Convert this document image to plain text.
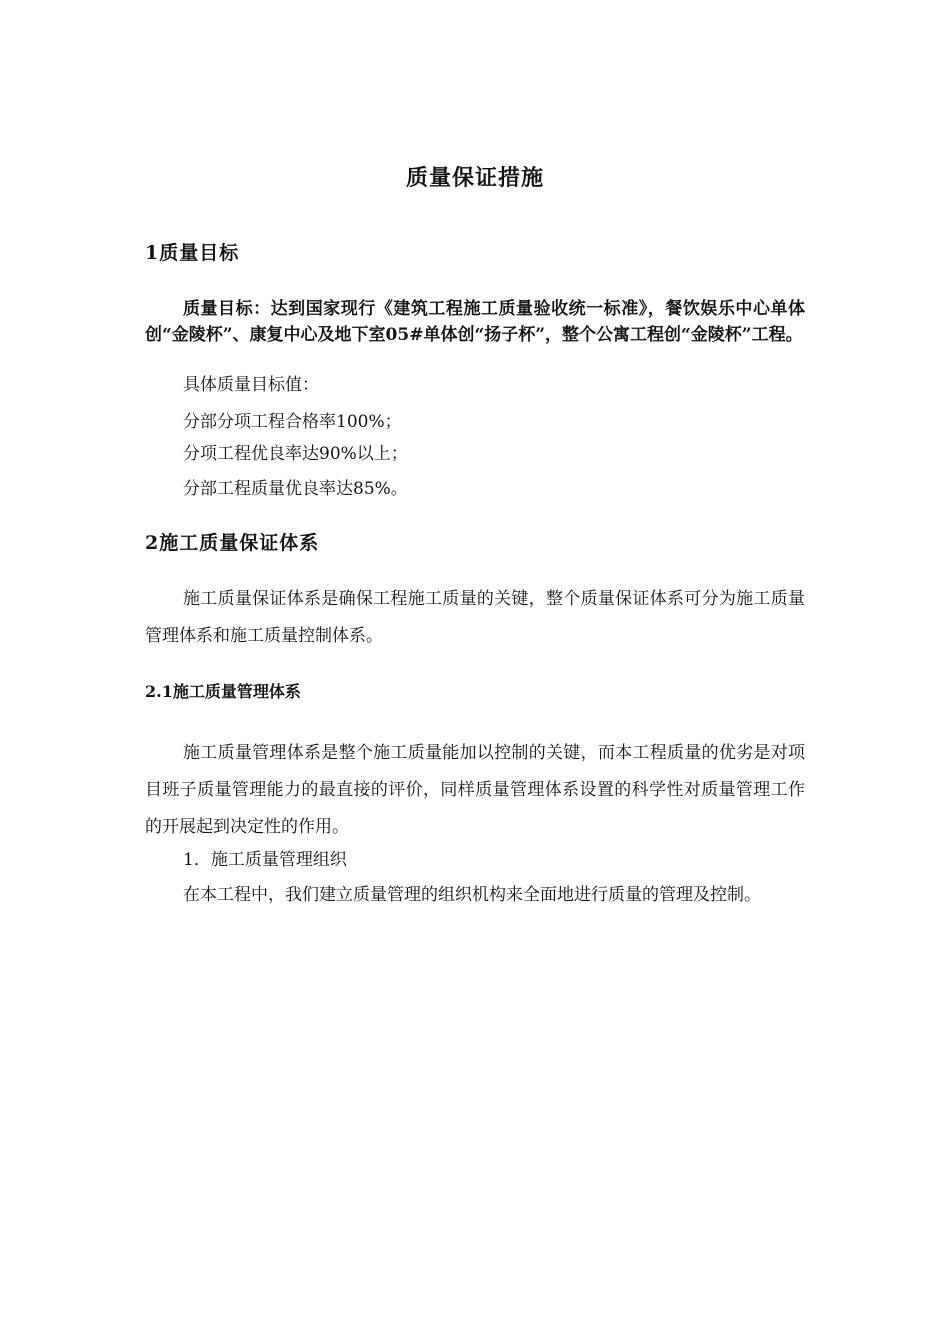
质量保证措施
1质量目标

质量目标：达到国家现行《建筑工程施工质量验收统一标准》，餐饮娱乐中心单体创“金陵杯”、康复中心及地下室05#单体创“扬子杯”，整个公寓工程创“金陵杯”工程。

具体质量目标值：

分部分项工程合格率100%；

分项工程优良率达90%以上；

分部工程质量优良率达85%。

2施工质量保证体系

施工质量保证体系是确保工程施工质量的关键，整个质量保证体系可分为施工质量管理体系和施工质量控制体系。

2.1施工质量管理体系

施工质量管理体系是整个施工质量能加以控制的关键，而本工程质量的优劣是对项目班子质量管理能力的最直接的评价，同样质量管理体系设置的科学性对质量管理工作的开展起到决定性的作用。

1．施工质量管理组织

在本工程中，我们建立质量管理的组织机构来全面地进行质量的管理及控制。
